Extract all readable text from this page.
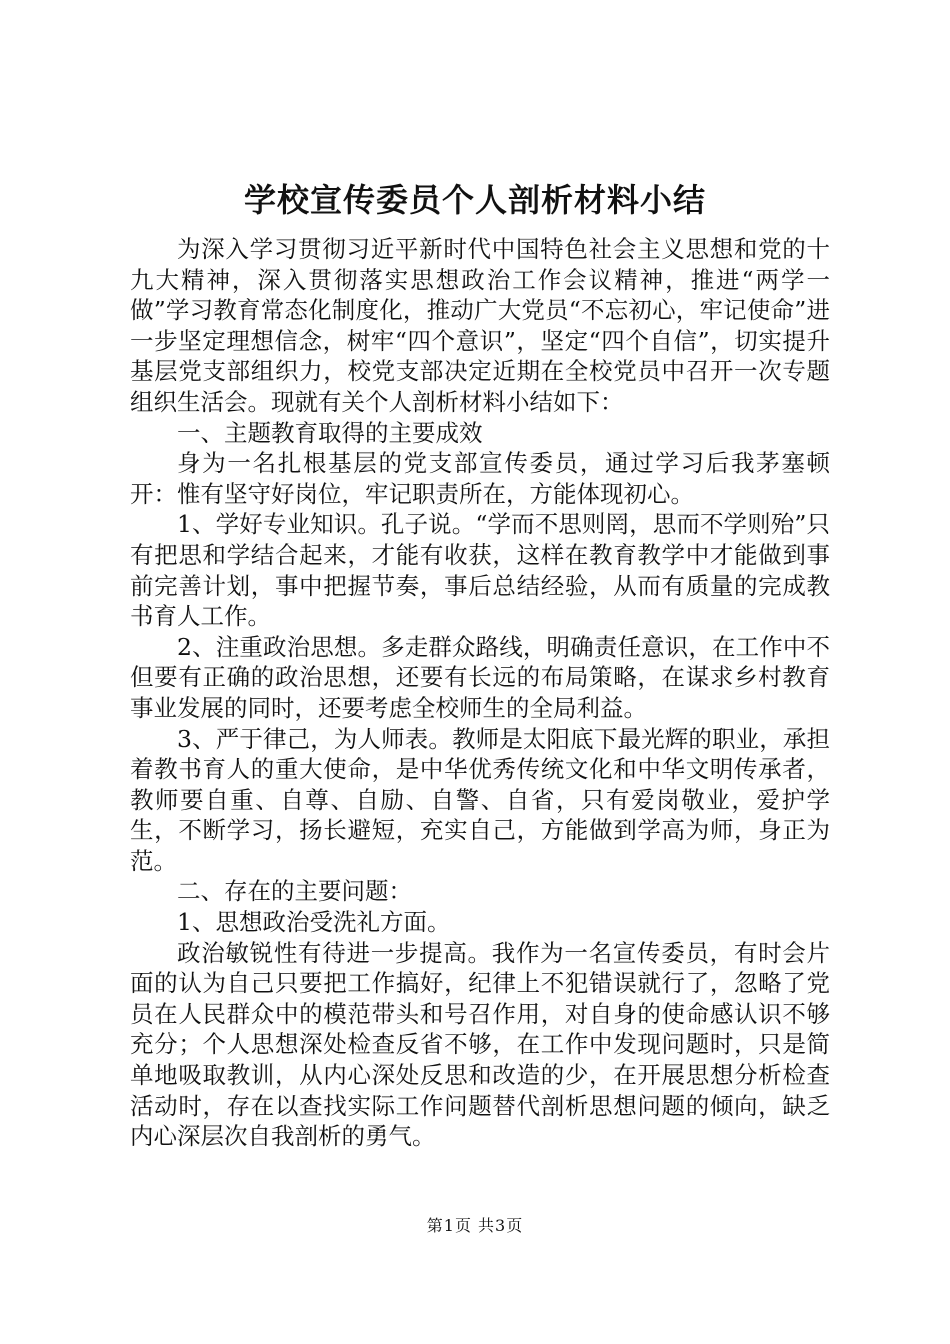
学校宣传委员个人剖析材料小结

为深入学习贯彻习近平新时代中国特色社会主义思想和党的十九大精神，深入贯彻落实思想政治工作会议精神，推进“两学一做”学习教育常态化制度化，推动广大党员“不忘初心，牢记使命”进一步坚定理想信念，树牢“四个意识”，坚定“四个自信”，切实提升基层党支部组织力，校党支部决定近期在全校党员中召开一次专题组织生活会。现就有关个人剖析材料小结如下：

一、主题教育取得的主要成效

身为一名扎根基层的党支部宣传委员，通过学习后我茅塞顿开：惟有坚守好岗位，牢记职责所在，方能体现初心。

1、学好专业知识。孔子说。“学而不思则罔，思而不学则殆”只有把思和学结合起来，才能有收获，这样在教育教学中才能做到事前完善计划，事中把握节奏，事后总结经验，从而有质量的完成教书育人工作。

2、注重政治思想。多走群众路线，明确责任意识，在工作中不但要有正确的政治思想，还要有长远的布局策略，在谋求乡村教育事业发展的同时，还要考虑全校师生的全局利益。

3、严于律己，为人师表。教师是太阳底下最光辉的职业，承担着教书育人的重大使命，是中华优秀传统文化和中华文明传承者，教师要自重、自尊、自励、自警、自省，只有爱岗敬业，爱护学生，不断学习，扬长避短，充实自己，方能做到学高为师，身正为范。

二、存在的主要问题：

1、思想政治受洗礼方面。

政治敏锐性有待进一步提高。我作为一名宣传委员，有时会片面的认为自己只要把工作搞好，纪律上不犯错误就行了，忽略了党员在人民群众中的模范带头和号召作用，对自身的使命感认识不够充分；个人思想深处检查反省不够，在工作中发现问题时，只是简单地吸取教训，从内心深处反思和改造的少，在开展思想分析检查活动时，存在以查找实际工作问题替代剖析思想问题的倾向，缺乏内心深层次自我剖析的勇气。

第1页 共3页
